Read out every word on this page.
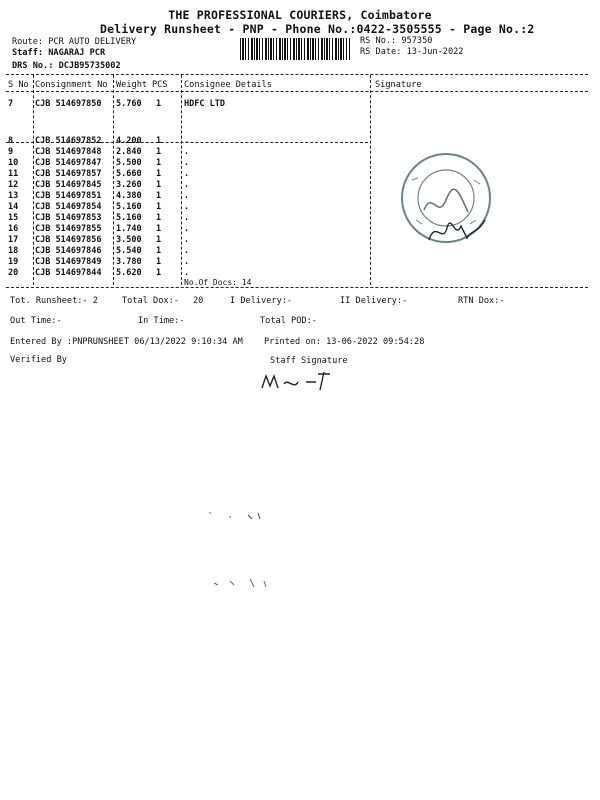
THE PROFESSIONAL COURIERS, Coimbatore
Delivery Runsheet - PNP - Phone No.:0422-3505555 - Page No.:2
Route: PCR AUTO DELIVERY
Staff: NAGARAJ PCR
DRS No.: DCJB95735002
RS No.: 957350
RS Date: 13-Jun-2022
S No Consignment No Weight PCS Consignee Details	Signature
7	CJB 514697850 5.760 1	HDFC LTD
8	CJB 514697852 4.200 1	.
9	CJB 514697848 2.840 1	.
10 CJB 514697847 5.500 1	.
11 CJB 514697857 5.660 1	.
12 CJB 514697845 3.260 1	.
13 CJB 514697851 4.380 1	.
14 CJB 514697854 5.160 1	.
15 CJB 514697853 5.160 1	.
16 CJB 514697855 1.740 1	.
17 CJB 514697856 3.500 1	.
18 CJB 514697846 5.540 1	.
19 CJB 514697849 3.780 1	.
20 CJB 514697844 5.620 1	.
No.Of Docs: 14
Tot. Runsheet:- 2	Total Dox:- 20	I Delivery:-	II Delivery:-	RTN Dox:-
Out Time:-	In Time:-	Total POD:-
Entered By :PNPRUNSHEET 06/13/2022 9:10:34 AM Printed on: 13-06-2022 09:54:28
Verified By	Staff Signature
